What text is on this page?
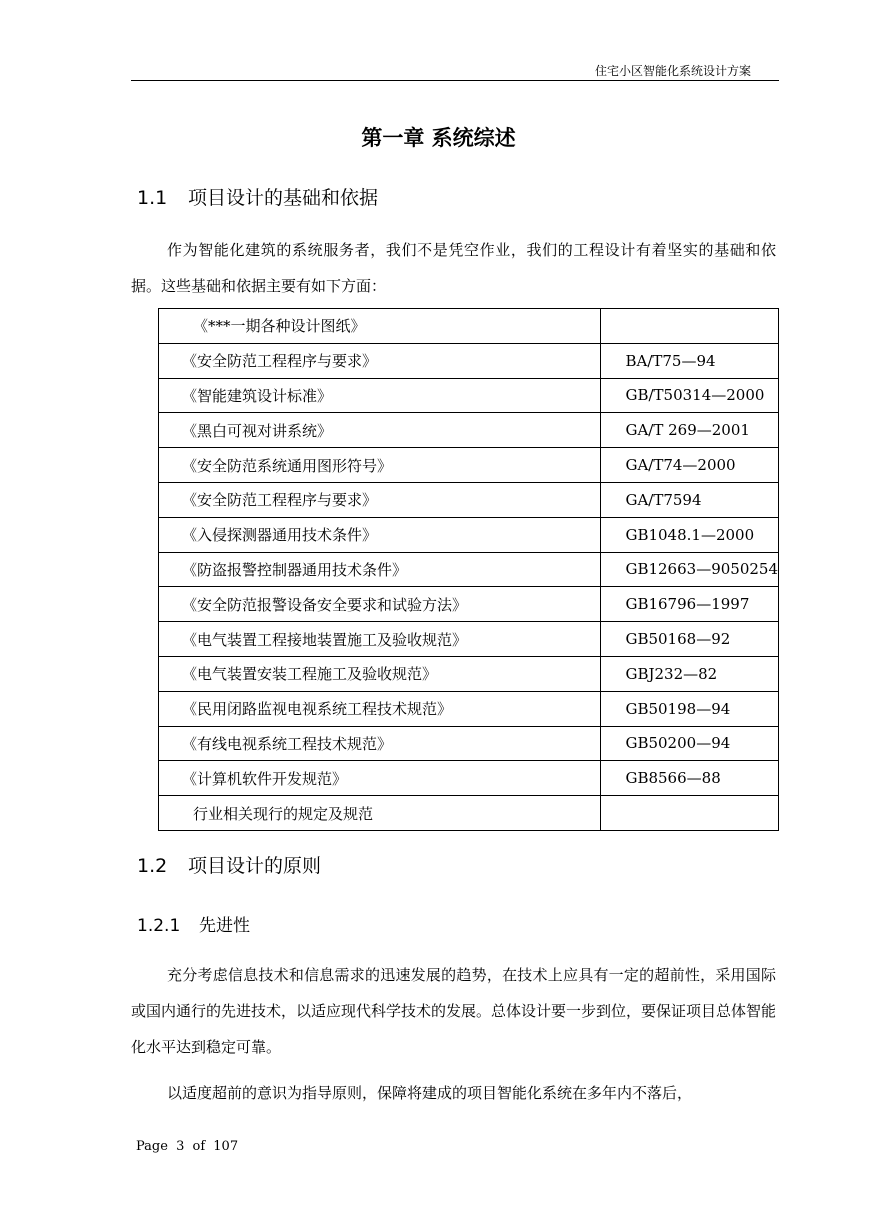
住宅小区智能化系统设计方案
第一章 系统综述
1.1 项目设计的基础和依据

作为智能化建筑的系统服务者，我们不是凭空作业，我们的工程设计有着坚实的基础和依据。这些基础和依据主要有如下方面：

《***一期各种设计图纸》	
《安全防范工程程序与要求》	BA/T75—94
《智能建筑设计标准》	GB/T50314—2000
《黑白可视对讲系统》	GA/T 269—2001
《安全防范系统通用图形符号》	GA/T74—2000
《安全防范工程程序与要求》	GA/T7594
《入侵探测器通用技术条件》	GB1048.1—2000
《防盗报警控制器通用技术条件》	GB12663—9050254
《安全防范报警设备安全要求和试验方法》	GB16796—1997
《电气装置工程接地装置施工及验收规范》	GB50168—92
《电气装置安装工程施工及验收规范》	GBJ232—82
《民用闭路监视电视系统工程技术规范》	GB50198—94
《有线电视系统工程技术规范》	GB50200—94
《计算机软件开发规范》	GB8566—88
行业相关现行的规定及规范	
1.2 项目设计的原则
1.2.1 先进性

充分考虑信息技术和信息需求的迅速发展的趋势，在技术上应具有一定的超前性，采用国际或国内通行的先进技术，以适应现代科学技术的发展。总体设计要一步到位，要保证项目总体智能化水平达到稳定可靠。

以适度超前的意识为指导原则，保障将建成的项目智能化系统在多年内不落后，

Page 3 of 107
